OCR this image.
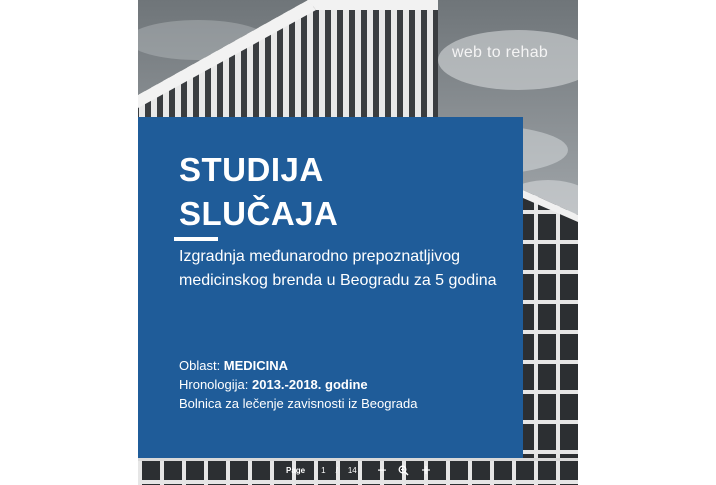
web to rehab
STUDIJA
SLUČAJA

Izgradnja međunarodno prepoznatljivog medicinskog brenda u Beogradu za 5 godina

Oblast: MEDICINA
Hronologija: 2013.-2018. godine
Bolnica za lečenje zavisnosti iz Beograda
Page 1 / 14
